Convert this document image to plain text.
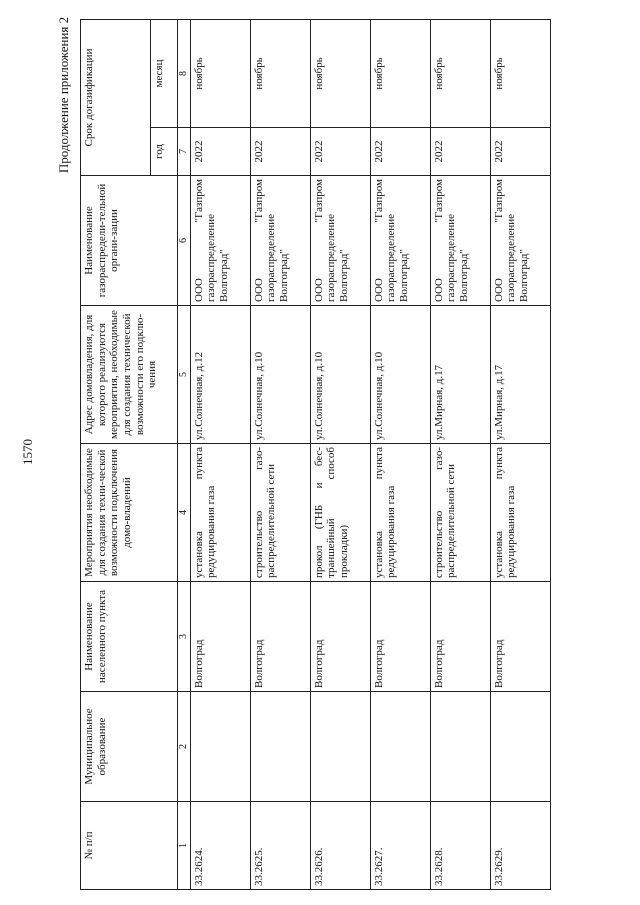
1570
Продолжение приложения 2
№ п/п	Муниципальное образование	Наименование населенного пункта	Мероприятия необходимые для создания техни-ческой возможности подключения домо-владений	Адрес домовладения, для которого реализуются мероприятия, необходимые для создания технической возможности его подклю-чения	Наименование газораспредели-тельной органи-зации	Срок догазификации	
						год	месяц
1	2	3	4	5	6	7	8
33.2624.		Волгоград	установка пункта редуцирования газа	ул.Солнечная, д.12	ООО "Газпром газораспределение Волгоград"	2022	ноябрь
33.2625.		Волгоград	строительство газо-распределительной сети	ул.Солнечная, д.10	ООО "Газпром газораспределение Волгоград"	2022	ноябрь
33.2626.		Волгоград	прокол (ГНБ и бес-траншейный способ прокладки)	ул.Солнечная, д.10	ООО "Газпром газораспределение Волгоград"	2022	ноябрь
33.2627.		Волгоград	установка пункта редуцирования газа	ул.Солнечная, д.10	ООО "Газпром газораспределение Волгоград"	2022	ноябрь
33.2628.		Волгоград	строительство газо-распределительной сети	ул.Мирная, д.17	ООО "Газпром газораспределение Волгоград"	2022	ноябрь
33.2629.		Волгоград	установка пункта редуцирования газа	ул.Мирная, д.17	ООО "Газпром газораспределение Волгоград"	2022	ноябрь
